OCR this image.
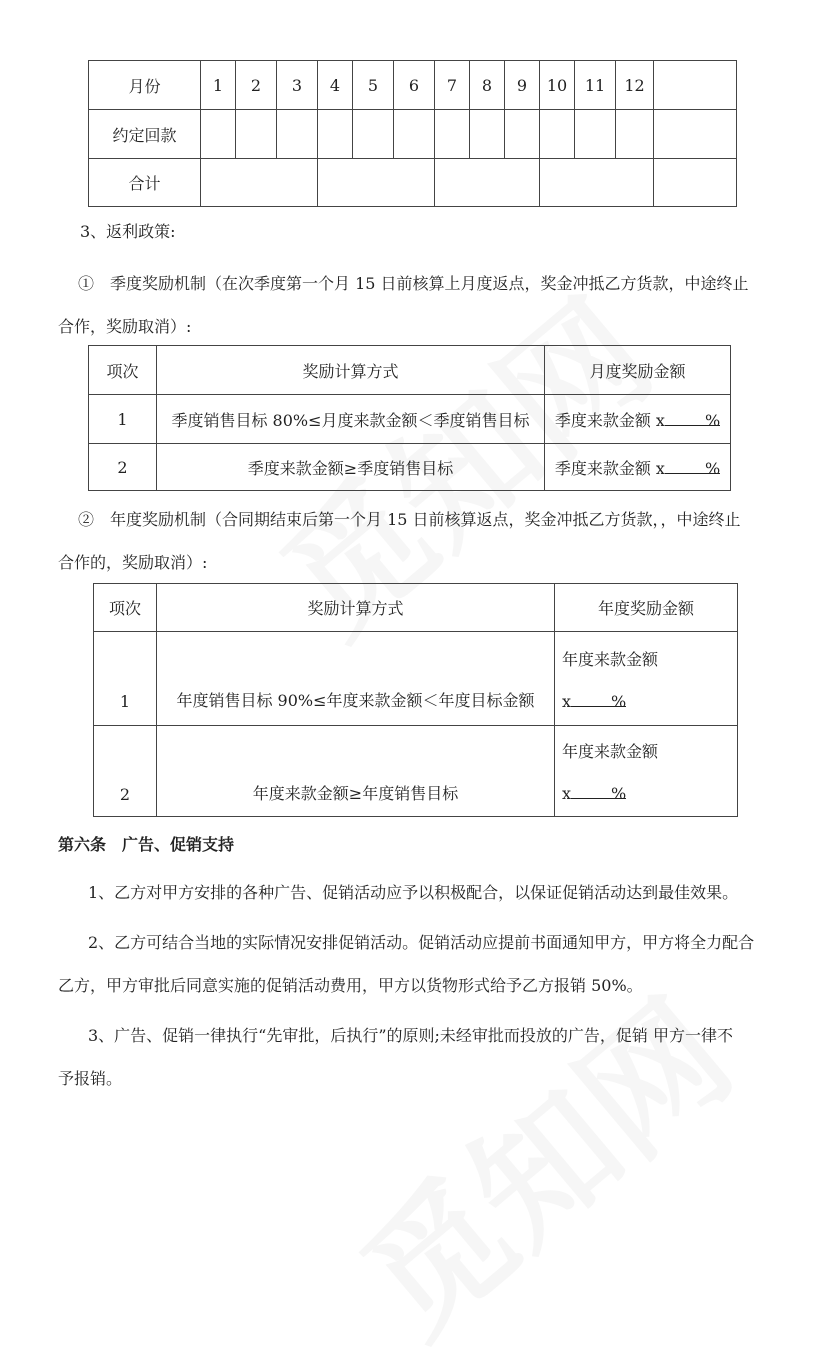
月份	1	2	3	4	5	6	7	8	9	10	11	12	
约定回款													
合计													
3、返利政策:
①　季度奖励机制（在次季度第一个月 15 日前核算上月度返点，奖金冲抵乙方货款，中途终止
合作，奖励取消）:
项次	奖励计算方式	月度奖励金额
1	季度销售目标 80%≤月度来款金额＜季度销售目标	季度来款金额 x %
2	季度来款金额≥季度销售目标	季度来款金额 x %
②　年度奖励机制（合同期结束后第一个月 15 日前核算返点，奖金冲抵乙方货款，，中途终止
合作的，奖励取消）:
项次	奖励计算方式	年度奖励金额
1	年度销售目标 90%≤年度来款金额＜年度目标金额	年度来款金额
x %

2	年度来款金额≥年度销售目标	年度来款金额
x %
第六条　广告、促销支持
1、乙方对甲方安排的各种广告、促销活动应予以积极配合，以保证促销活动达到最佳效果。
2、乙方可结合当地的实际情况安排促销活动。促销活动应提前书面通知甲方，甲方将全力配合
乙方，甲方审批后同意实施的促销活动费用，甲方以货物形式给予乙方报销 50%。
3、广告、促销一律执行“先审批，后执行”的原则;未经审批而投放的广告，促销 甲方一律不
予报销。
